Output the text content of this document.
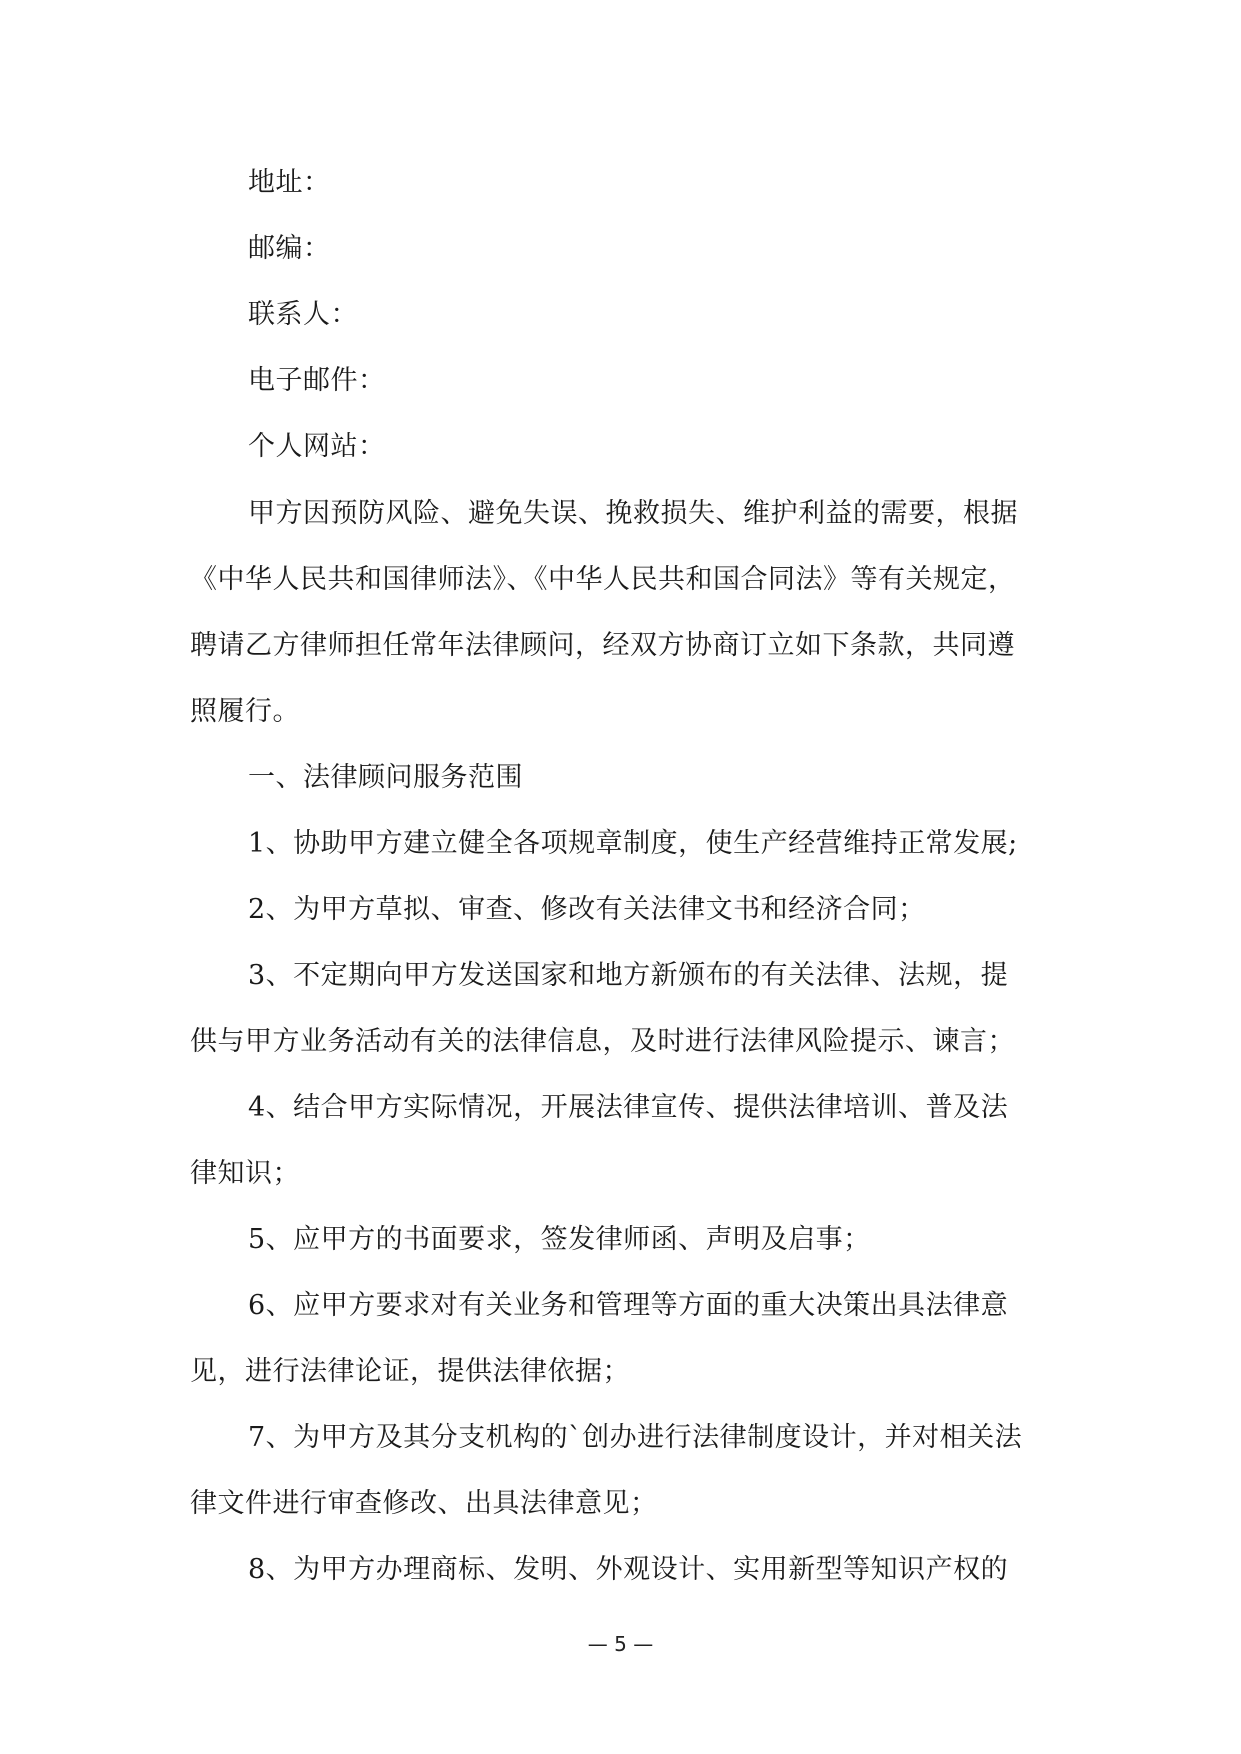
地址：
邮编：
联系人：
电子邮件：
个人网站：
甲方因预防风险、避免失误、挽救损失、维护利益的需要，根据
《中华人民共和国律师法》、《中华人民共和国合同法》等有关规定，
聘请乙方律师担任常年法律顾问，经双方协商订立如下条款，共同遵
照履行。
一、法律顾问服务范围
1、协助甲方建立健全各项规章制度，使生产经营维持正常发展;
2、为甲方草拟、审查、修改有关法律文书和经济合同；
3、不定期向甲方发送国家和地方新颁布的有关法律、法规，提
供与甲方业务活动有关的法律信息，及时进行法律风险提示、谏言；
4、结合甲方实际情况，开展法律宣传、提供法律培训、普及法
律知识；
5、应甲方的书面要求，签发律师函、声明及启事；
6、应甲方要求对有关业务和管理等方面的重大决策出具法律意
见，进行法律论证，提供法律依据；
7、为甲方及其分支机构的`创办进行法律制度设计，并对相关法
律文件进行审查修改、出具法律意见；
8、为甲方办理商标、发明、外观设计、实用新型等知识产权的
— 5 —
